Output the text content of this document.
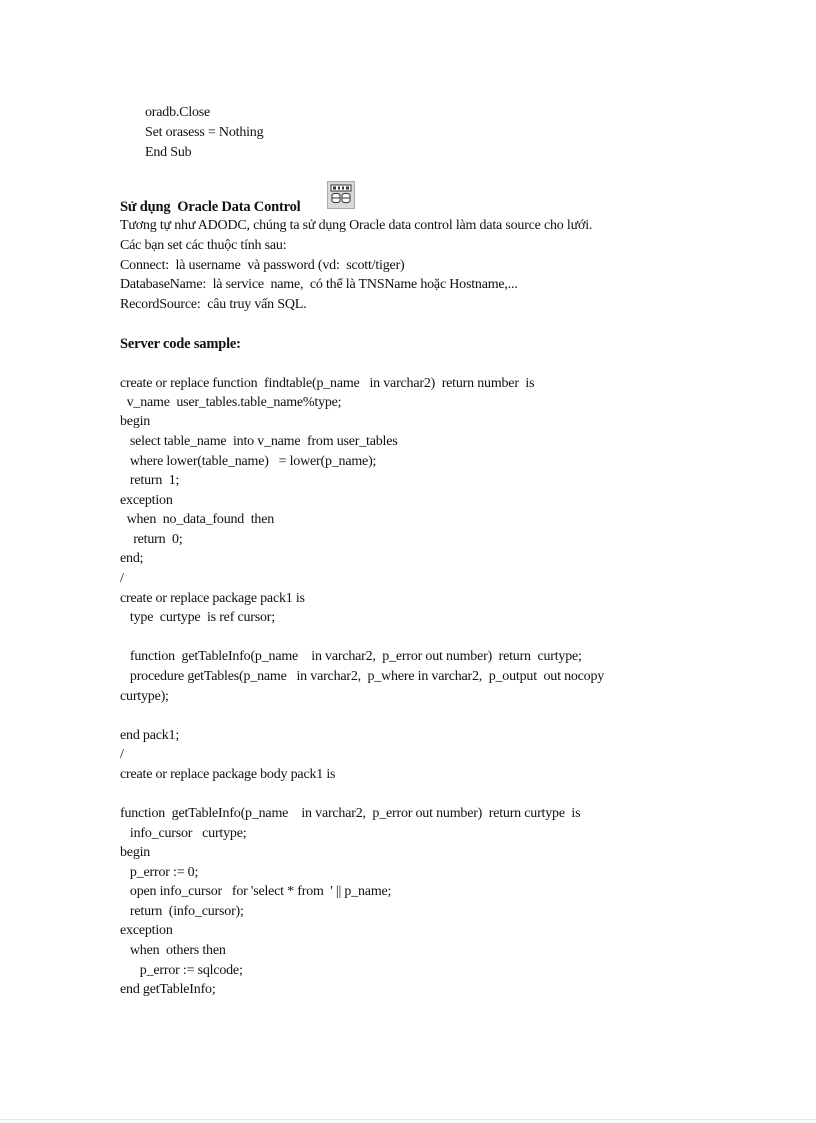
oradb.Close
Set orasess = Nothing
End Sub
Sử dụng  Oracle Data Control
Tương tự như ADODC, chúng ta sử dụng Oracle data control làm data source cho lưới.
Các bạn set các thuộc tính sau:
Connect:  là username  và password (vd:  scott/tiger)
DatabaseName:  là service  name,  có thể là TNSName hoặc Hostname,...
RecordSource:  câu truy vấn SQL.
Server code sample:
create or replace function  findtable(p_name   in varchar2)  return number  is
v_name  user_tables.table_name%type;
begin
select table_name  into v_name  from user_tables
where lower(table_name)   = lower(p_name);
return  1;
exception
when  no_data_found  then
return  0;
end;
/
create or replace package pack1 is
type  curtype  is ref cursor;
function  getTableInfo(p_name    in varchar2,  p_error out number)  return  curtype;
procedure getTables(p_name   in varchar2,  p_where in varchar2,  p_output  out nocopy
curtype);
end pack1;
/
create or replace package body pack1 is
function  getTableInfo(p_name    in varchar2,  p_error out number)  return curtype  is
info_cursor   curtype;
begin
p_error := 0;
open info_cursor   for 'select * from  ' || p_name;
return  (info_cursor);
exception
when  others then
p_error := sqlcode;
end getTableInfo;
